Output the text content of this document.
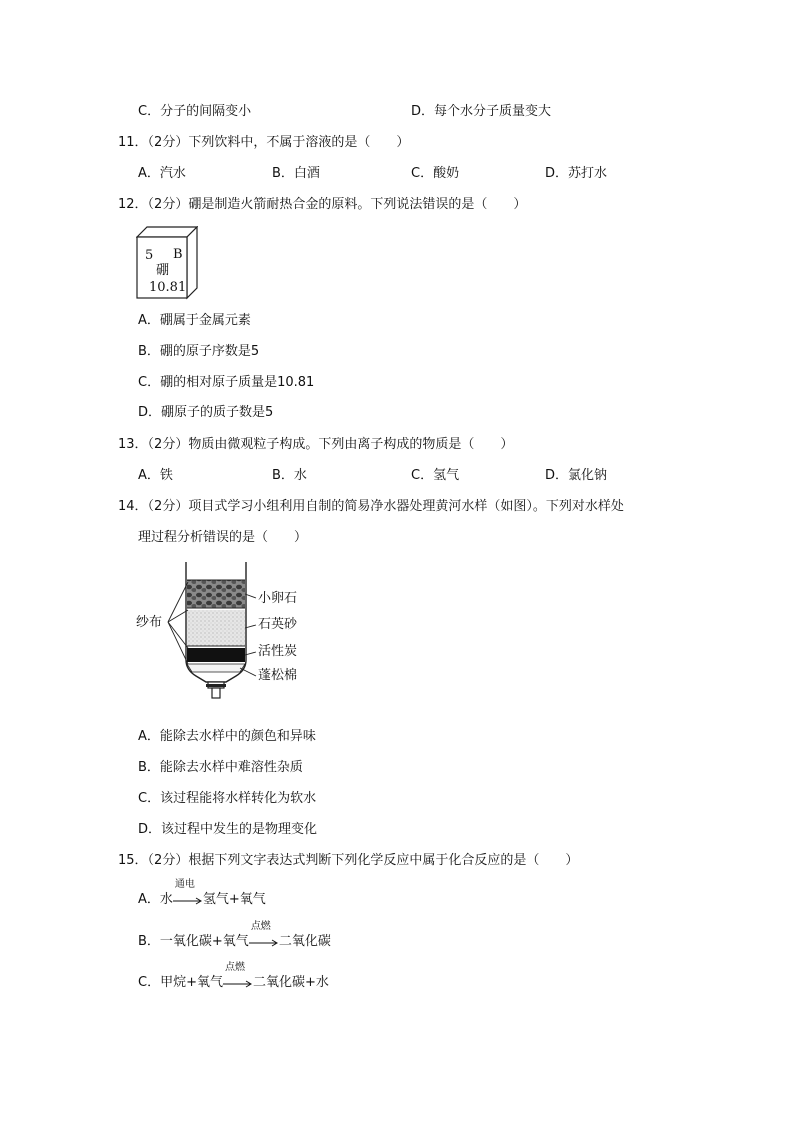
C．分子的间隔变小	D．每个水分子质量变大
11．（2分）下列饮料中，不属于溶液的是（　　）
A．汽水	B．白酒	C．酸奶	D．苏打水
12．（2分）硼是制造火箭耐热合金的原料。下列说法错误的是（　　）
5 B
硼
10.81
A．硼属于金属元素
B．硼的原子序数是5
C．硼的相对原子质量是10.81
D．硼原子的质子数是5
13．（2分）物质由微观粒子构成。下列由离子构成的物质是（　　）
A．铁	B．水	C．氢气	D．氯化钠
14．（2分）项目式学习小组利用自制的简易净水器处理黄河水样（如图）。下列对水样处
理过程分析错误的是（　　）
纱布
小卵石
石英砂
活性炭
蓬松棉
A．能除去水样中的颜色和异味
B．能除去水样中难溶性杂质
C．该过程能将水样转化为软水
D．该过程中发生的是物理变化
15．（2分）根据下列文字表达式判断下列化学反应中属于化合反应的是（　　）
A．水
通电
氢气+氧气
B．一氧化碳+氧气
点燃
二氧化碳
C．甲烷+氧气
点燃
二氧化碳+水
